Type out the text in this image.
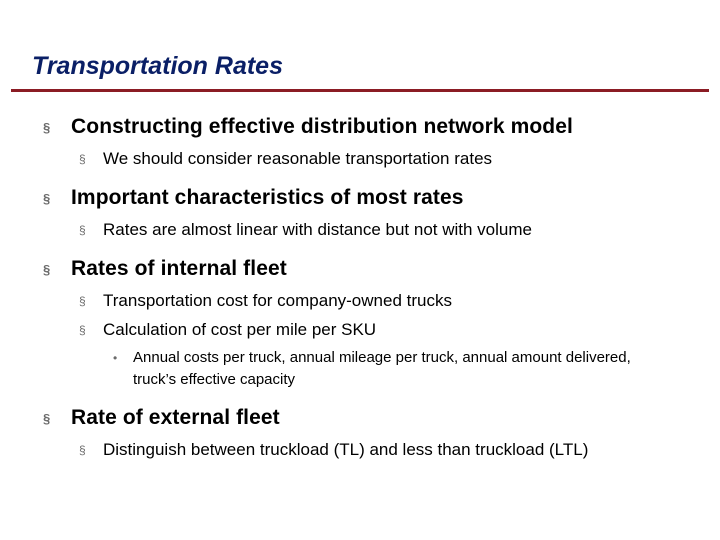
Transportation Rates
§ Constructing effective distribution network model
§ We should consider reasonable transportation rates
§ Important characteristics of most rates
§ Rates are almost linear with distance but not with volume
§ Rates of internal fleet
§ Transportation cost for company-owned trucks
§ Calculation of cost per mile per SKU
• Annual costs per truck, annual mileage per truck, annual amount delivered, truck’s effective capacity
§ Rate of external fleet
§ Distinguish between truckload (TL) and less than truckload (LTL)
